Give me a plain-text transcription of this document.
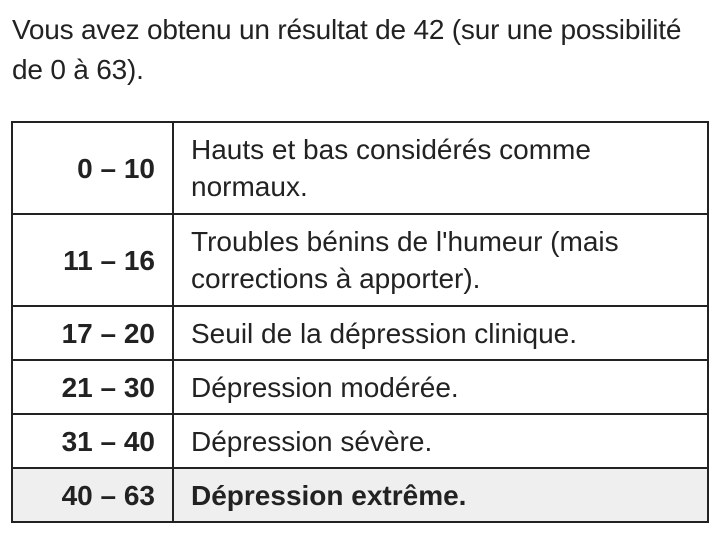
Vous avez obtenu un résultat de 42 (sur une possibilité de 0 à 63).

0 – 10	Hauts et bas considérés comme normaux.
11 – 16	Troubles bénins de l'humeur (mais corrections à apporter).
17 – 20	Seuil de la dépression clinique.
21 – 30	Dépression modérée.
31 – 40	Dépression sévère.
40 – 63	Dépression extrême.
